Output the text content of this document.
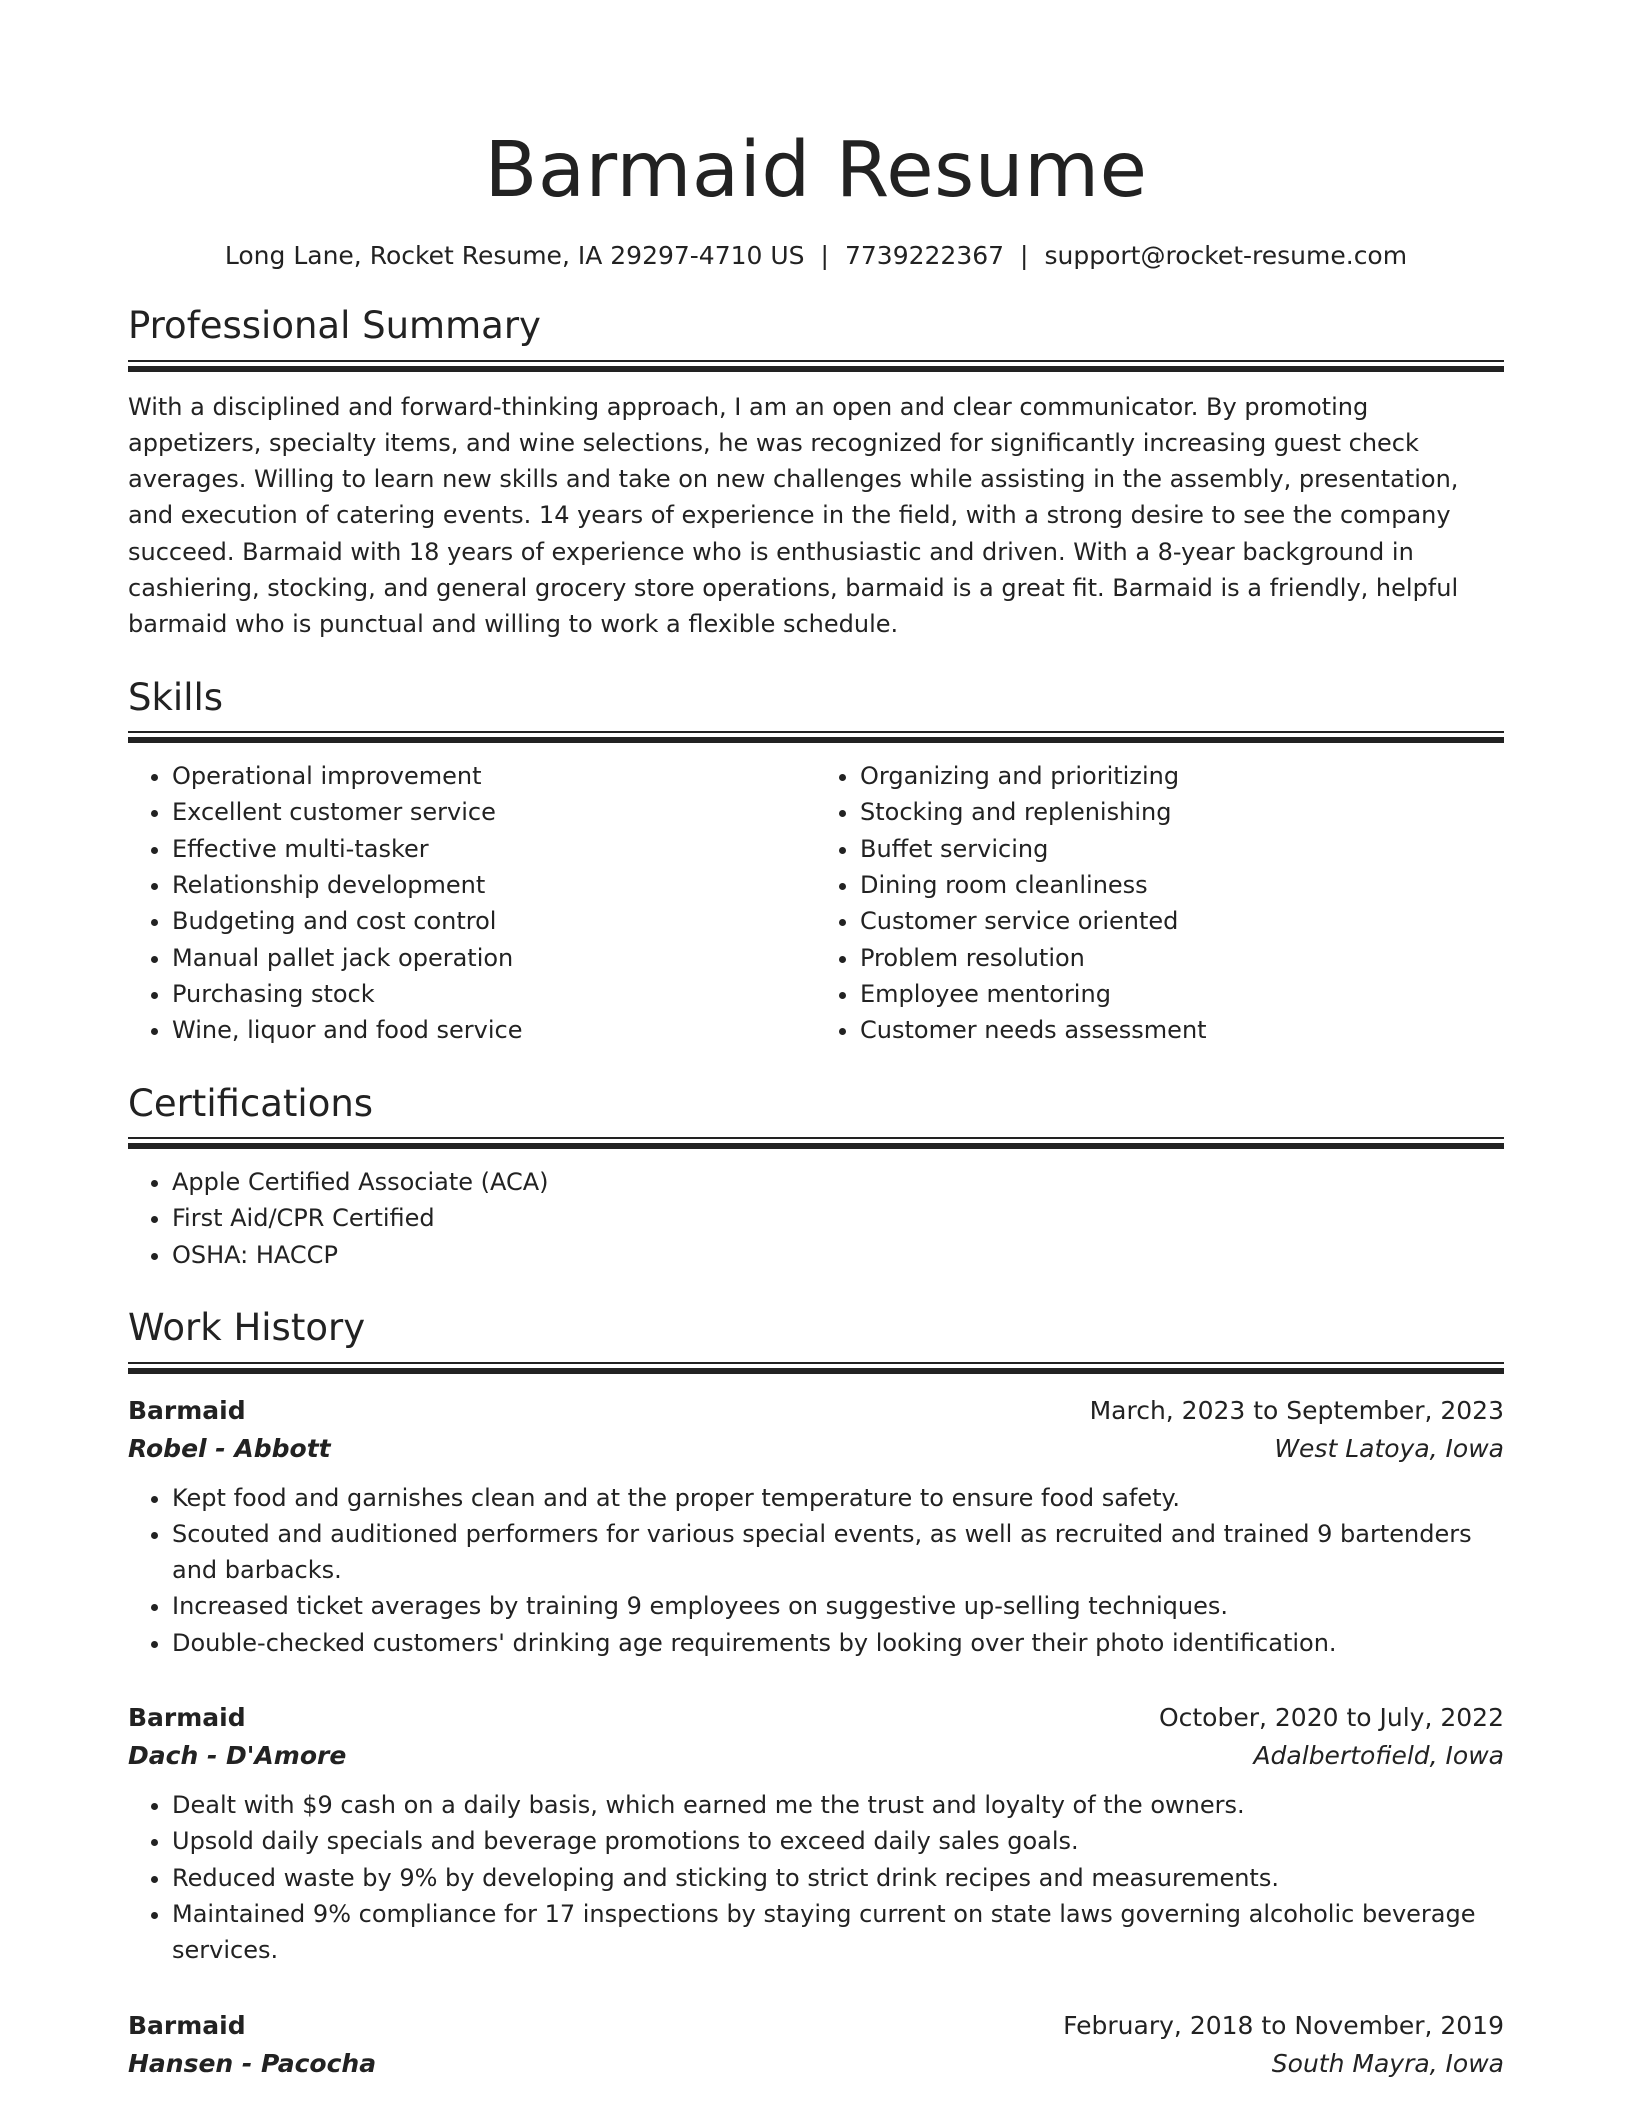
Barmaid Resume
Long Lane, Rocket Resume, IA 29297-4710 US | 7739222367 | support@rocket-resume.com
Professional Summary
With a disciplined and forward-thinking approach, I am an open and clear communicator. By promoting appetizers, specialty items, and wine selections, he was recognized for significantly increasing guest check averages. Willing to learn new skills and take on new challenges while assisting in the assembly, presentation, and execution of catering events. 14 years of experience in the field, with a strong desire to see the company succeed. Barmaid with 18 years of experience who is enthusiastic and driven. With a 8-year background in cashiering, stocking, and general grocery store operations, barmaid is a great fit. Barmaid is a friendly, helpful barmaid who is punctual and willing to work a flexible schedule.
Skills
• Operational improvement
• Excellent customer service
• Effective multi-tasker
• Relationship development
• Budgeting and cost control
• Manual pallet jack operation
• Purchasing stock
• Wine, liquor and food service
• Organizing and prioritizing
• Stocking and replenishing
• Buffet servicing
• Dining room cleanliness
• Customer service oriented
• Problem resolution
• Employee mentoring
• Customer needs assessment
Certifications
• Apple Certified Associate (ACA)
• First Aid/CPR Certified
• OSHA: HACCP
Work History
Barmaid	March, 2023 to September, 2023
Robel - Abbott	West Latoya, Iowa
• Kept food and garnishes clean and at the proper temperature to ensure food safety.
• Scouted and auditioned performers for various special events, as well as recruited and trained 9 bartenders and barbacks.
• Increased ticket averages by training 9 employees on suggestive up-selling techniques.
• Double-checked customers' drinking age requirements by looking over their photo identification.
Barmaid	October, 2020 to July, 2022
Dach - D'Amore	Adalbertofield, Iowa
• Dealt with $9 cash on a daily basis, which earned me the trust and loyalty of the owners.
• Upsold daily specials and beverage promotions to exceed daily sales goals.
• Reduced waste by 9% by developing and sticking to strict drink recipes and measurements.
• Maintained 9% compliance for 17 inspections by staying current on state laws governing alcoholic beverage services.
Barmaid	February, 2018 to November, 2019
Hansen - Pacocha	South Mayra, Iowa
